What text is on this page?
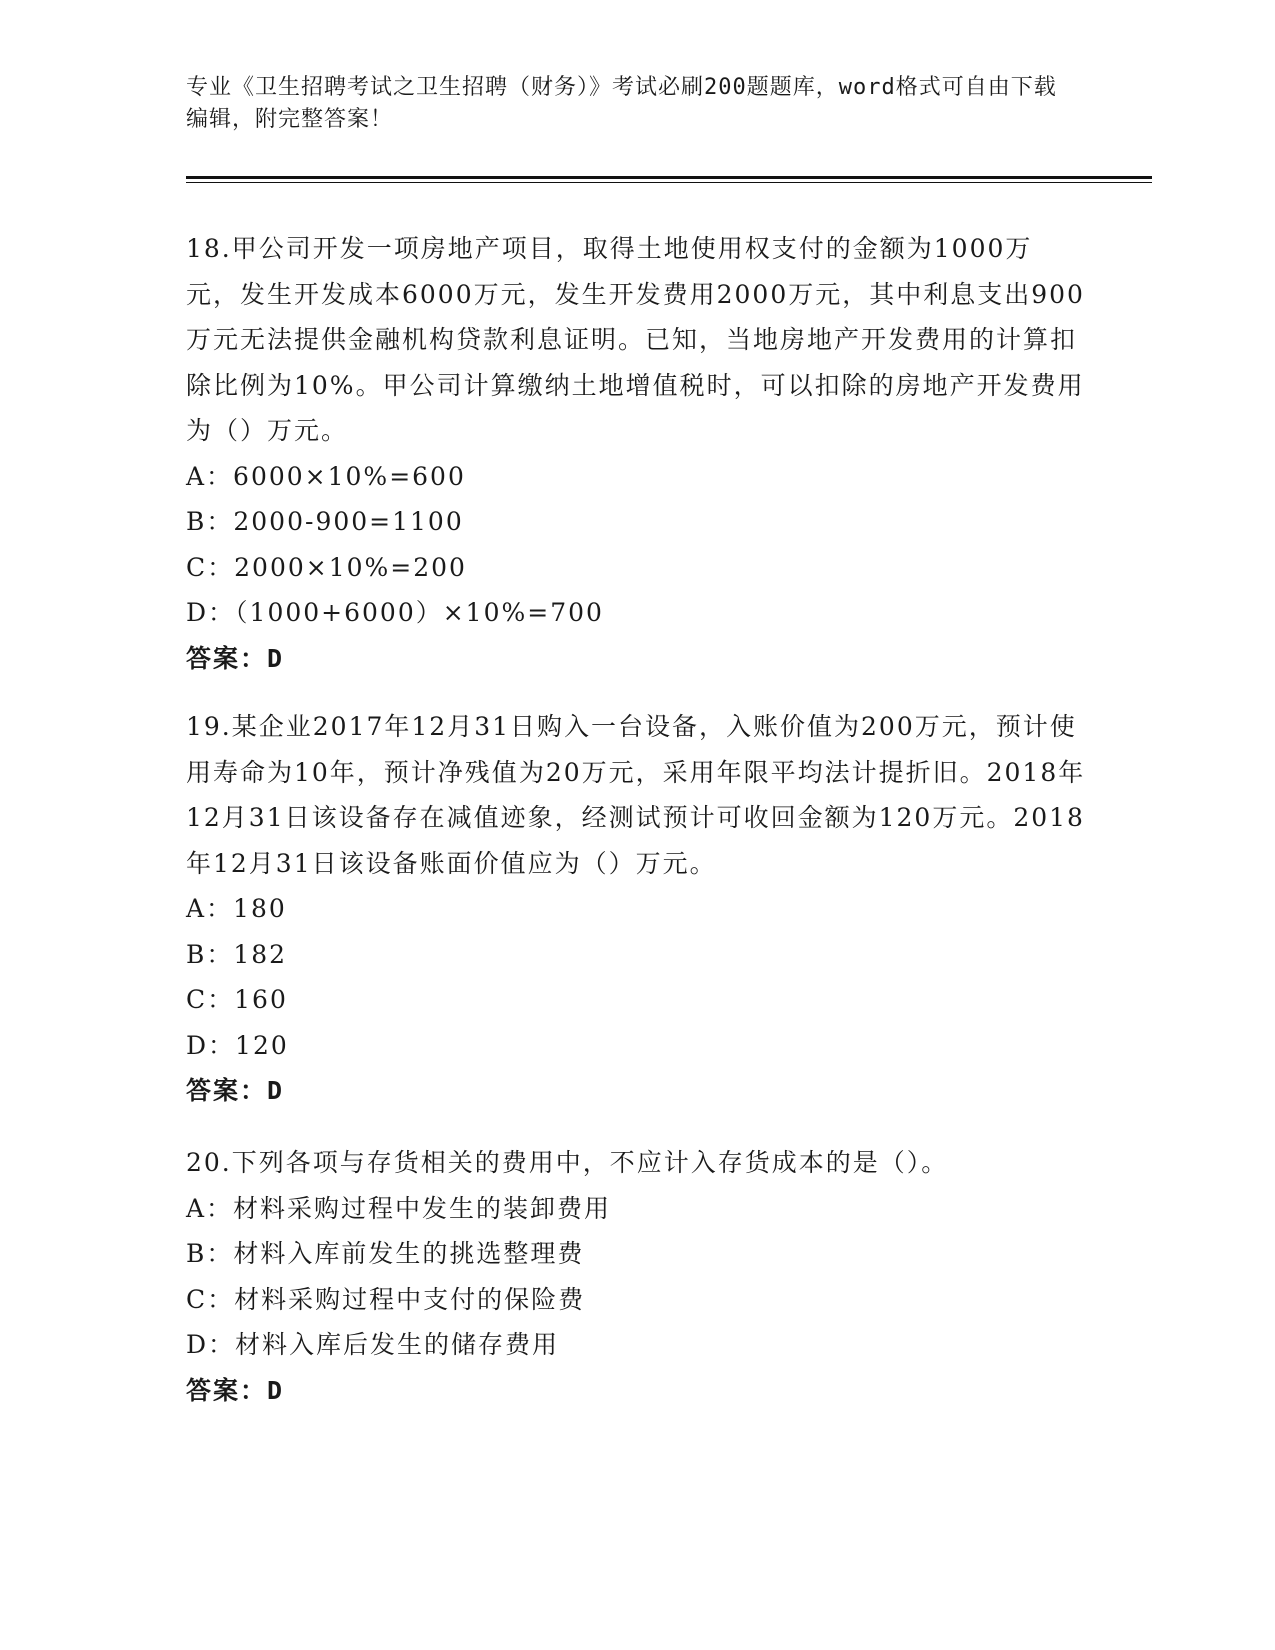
专业《卫生招聘考试之卫生招聘（财务）》考试必刷200题题库，word格式可自由下载编辑，附完整答案！

18.甲公司开发一项房地产项目，取得土地使用权支付的金额为1000万元，发生开发成本6000万元，发生开发费用2000万元，其中利息支出900万元无法提供金融机构贷款利息证明。已知，当地房地产开发费用的计算扣除比例为10%。甲公司计算缴纳土地增值税时，可以扣除的房地产开发费用为（）万元。

A：6000×10%=600

B：2000-900=1100

C：2000×10%=200

D：（1000+6000）×10%=700

答案：D

19.某企业2017年12月31日购入一台设备，入账价值为200万元，预计使用寿命为10年，预计净残值为20万元，采用年限平均法计提折旧。2018年12月31日该设备存在减值迹象，经测试预计可收回金额为120万元。2018年12月31日该设备账面价值应为（）万元。

A：180

B：182

C：160

D：120

答案：D

20.下列各项与存货相关的费用中，不应计入存货成本的是（）。

A：材料采购过程中发生的装卸费用

B：材料入库前发生的挑选整理费

C：材料采购过程中支付的保险费

D：材料入库后发生的储存费用

答案：D
